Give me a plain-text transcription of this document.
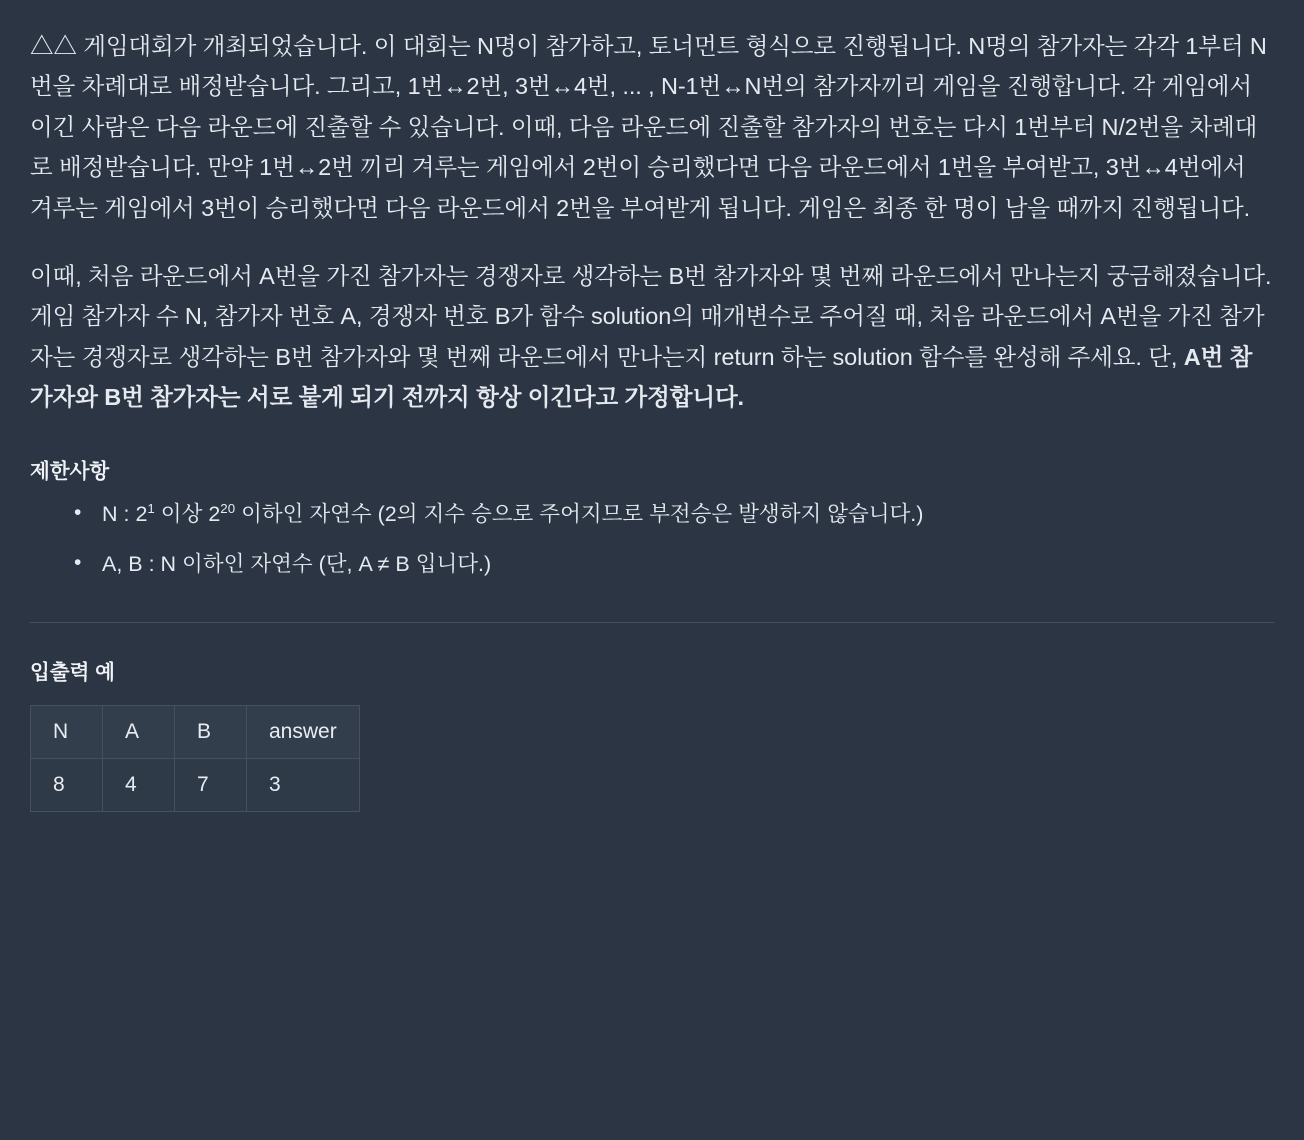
△△ 게임대회가 개최되었습니다. 이 대회는 N명이 참가하고, 토너먼트 형식으로 진행됩니다. N명의 참가자는 각각 1부터 N번을 차례대로 배정받습니다. 그리고, 1번↔2번, 3번↔4번, ... , N-1번↔N번의 참가자끼리 게임을 진행합니다. 각 게임에서 이긴 사람은 다음 라운드에 진출할 수 있습니다. 이때, 다음 라운드에 진출할 참가자의 번호는 다시 1번부터 N/2번을 차례대로 배정받습니다. 만약 1번↔2번 끼리 겨루는 게임에서 2번이 승리했다면 다음 라운드에서 1번을 부여받고, 3번↔4번에서 겨루는 게임에서 3번이 승리했다면 다음 라운드에서 2번을 부여받게 됩니다. 게임은 최종 한 명이 남을 때까지 진행됩니다.

이때, 처음 라운드에서 A번을 가진 참가자는 경쟁자로 생각하는 B번 참가자와 몇 번째 라운드에서 만나는지 궁금해졌습니다. 게임 참가자 수 N, 참가자 번호 A, 경쟁자 번호 B가 함수 solution의 매개변수로 주어질 때, 처음 라운드에서 A번을 가진 참가자는 경쟁자로 생각하는 B번 참가자와 몇 번째 라운드에서 만나는지 return 하는 solution 함수를 완성해 주세요. 단, A번 참가자와 B번 참가자는 서로 붙게 되기 전까지 항상 이긴다고 가정합니다.

제한사항
• N : $2^1$ 이상 $2^{20}$ 이하인 자연수 (2의 지수 승으로 주어지므로 부전승은 발생하지 않습니다.)
• A, B : N 이하인 자연수 (단, A ≠ B 입니다.)
입출력 예
N	A	B	answer
8	4	7	3
